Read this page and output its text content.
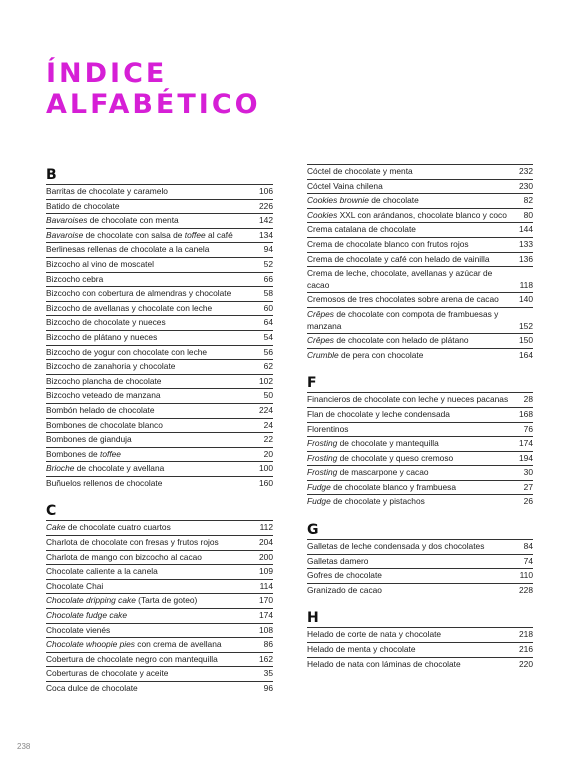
ÍNDICE
ALFABÉTICO
B
Barritas de chocolate y caramelo	106
Batido de chocolate	226
Bavaroises de chocolate con menta	142
Bavaroise de chocolate con salsa de toffee al café	134
Berlinesas rellenas de chocolate a la canela	94
Bizcocho al vino de moscatel	52
Bizcocho cebra	66
Bizcocho con cobertura de almendras y chocolate	58
Bizcocho de avellanas y chocolate con leche	60
Bizcocho de chocolate y nueces	64
Bizcocho de plátano y nueces	54
Bizcocho de yogur con chocolate con leche	56
Bizcocho de zanahoria y chocolate	62
Bizcocho plancha de chocolate	102
Bizcocho veteado de manzana	50
Bombón helado de chocolate	224
Bombones de chocolate blanco	24
Bombones de gianduja	22
Bombones de toffee	20
Brioche de chocolate y avellana	100
Buñuelos rellenos de chocolate	160
C
Cake de chocolate cuatro cuartos	112
Charlota de chocolate con fresas y frutos rojos	204
Charlota de mango con bizcocho al cacao	200
Chocolate caliente a la canela	109
Chocolate Chai	114
Chocolate dripping cake (Tarta de goteo)	170
Chocolate fudge cake	174
Chocolate vienés	108
Chocolate whoopie pies con crema de avellana	86
Cobertura de chocolate negro con mantequilla	162
Coberturas de chocolate y aceite	35
Coca dulce de chocolate	96
Cóctel de chocolate y menta	232
Cóctel Vaina chilena	230
Cookies brownie de chocolate	82
Cookies XXL con arándanos, chocolate blanco y coco	80
Crema catalana de chocolate	144
Crema de chocolate blanco con frutos rojos	133
Crema de chocolate y café con helado de vainilla	136
Crema de leche, chocolate, avellanas y azúcar de cacao	118
Cremosos de tres chocolates sobre arena de cacao	140
Crêpes de chocolate con compota de frambuesas y manzana	152
Crêpes de chocolate con helado de plátano	150
Crumble de pera con chocolate	164
F
Financieros de chocolate con leche y nueces pacanas	28
Flan de chocolate y leche condensada	168
Florentinos	76
Frosting de chocolate y mantequilla	174
Frosting de chocolate y queso cremoso	194
Frosting de mascarpone y cacao	30
Fudge de chocolate blanco y frambuesa	27
Fudge de chocolate y pistachos	26
G
Galletas de leche condensada y dos chocolates	84
Galletas damero	74
Gofres de chocolate	110
Granizado de cacao	228
H
Helado de corte de nata y chocolate	218
Helado de menta y chocolate	216
Helado de nata con láminas de chocolate	220
238
